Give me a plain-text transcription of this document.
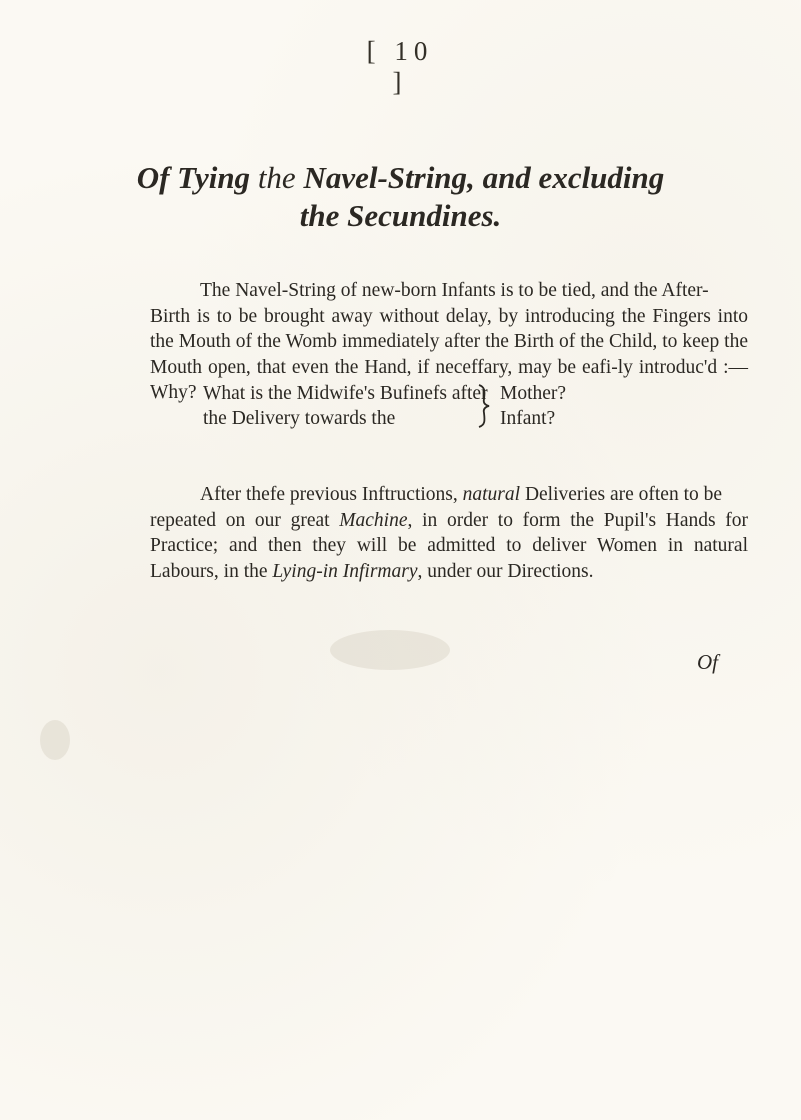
[ 10 ]
Of Tying the Navel-String, and excluding
the Secundines.

The Navel-String of new-born Infants is to be tied, and the After-

Birth is to be brought away without delay, by introducing the Fingers into the Mouth of the Womb immediately after the Birth of the Child, to keep the Mouth open, that even the Hand, if neceffary, may be eafi-ly introduc'd :—Why? What is the Midwife's Bufinefs after

the Delivery towards the

Mother?

Infant?

After thefe previous Inftructions, natural Deliveries are often to be

repeated on our great Machine, in order to form the Pupil's Hands for Practice; and then they will be admitted to deliver Women in natural Labours, in the Lying-in Infirmary, under our Directions.

Of
